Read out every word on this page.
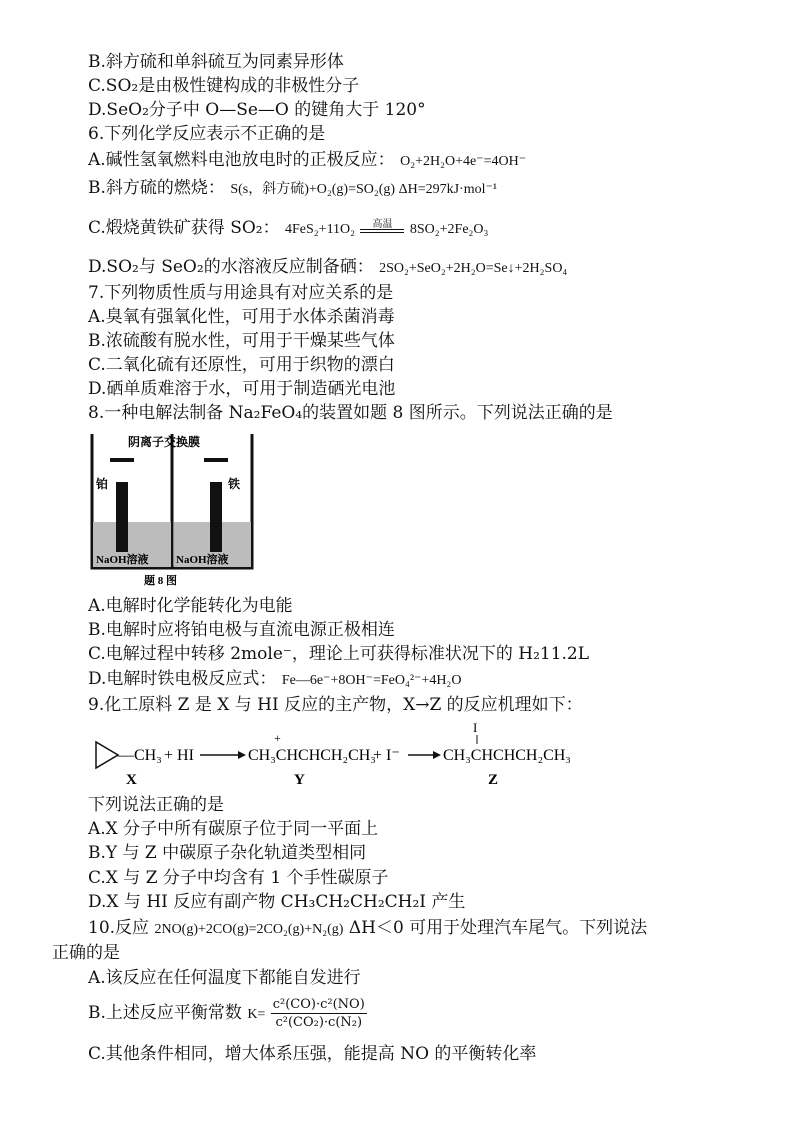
B.斜方硫和单斜硫互为同素异形体
C.SO₂是由极性键构成的非极性分子
D.SeO₂分子中 O—Se—O 的键角大于 120°
6.下列化学反应表示不正确的是
A.碱性氢氧燃料电池放电时的正极反应： O₂+2H₂O+4e⁻=4OH⁻
B.斜方硫的燃烧： S(s，斜方硫)+O₂(g)=SO₂(g) ΔH=297kJ·mol⁻¹
C.煅烧黄铁矿获得 SO₂： 4FeS₂+11O₂	高温	8SO₂+2Fe₂O₃
D.SO₂与 SeO₂的水溶液反应制备硒： 2SO₂+SeO₂+2H₂O=Se↓+2H₂SO₄
7.下列物质性质与用途具有对应关系的是
A.臭氧有强氧化性，可用于水体杀菌消毒
B.浓硫酸有脱水性，可用于干燥某些气体
C.二氧化硫有还原性，可用于织物的漂白
D.硒单质难溶于水，可用于制造硒光电池
8.一种电解法制备 Na₂FeO₄的装置如题 8 图所示。下列说法正确的是
阴离子交换膜
铂	铁
NaOH溶液 NaOH溶液
题 8 图
A.电解时化学能转化为电能
B.电解时应将铂电极与直流电源正极相连
C.电解过程中转移 2mole⁻，理论上可获得标准状况下的 H₂11.2L
D.电解时铁电极反应式： Fe—6e⁻+8OH⁻=FeO₄²⁻+4H₂O
9.化工原料 Z 是 X 与 HI 反应的主产物，X→Z 的反应机理如下：
—CH₃ + HI
+
CH₃CHCHCH₂CH₃
+ I⁻
I
CH₃CHCHCH₂CH₃
X	Y	Z
下列说法正确的是
A.X 分子中所有碳原子位于同一平面上
B.Y 与 Z 中碳原子杂化轨道类型相同
C.X 与 Z 分子中均含有 1 个手性碳原子
D.X 与 HI 反应有副产物 CH₃CH₂CH₂CH₂I 产生
10.反应 2NO(g)+2CO(g)=2CO₂(g)+N₂(g) ΔH＜0 可用于处理汽车尾气。下列说法
正确的是
A.该反应在任何温度下都能自发进行
B.上述反应平衡常数 $K= \frac{\text{c²(CO)·c²(NO)}}{\text{c²(CO₂)·c(N₂)}}$
C.其他条件相同，增大体系压强，能提高 NO 的平衡转化率
